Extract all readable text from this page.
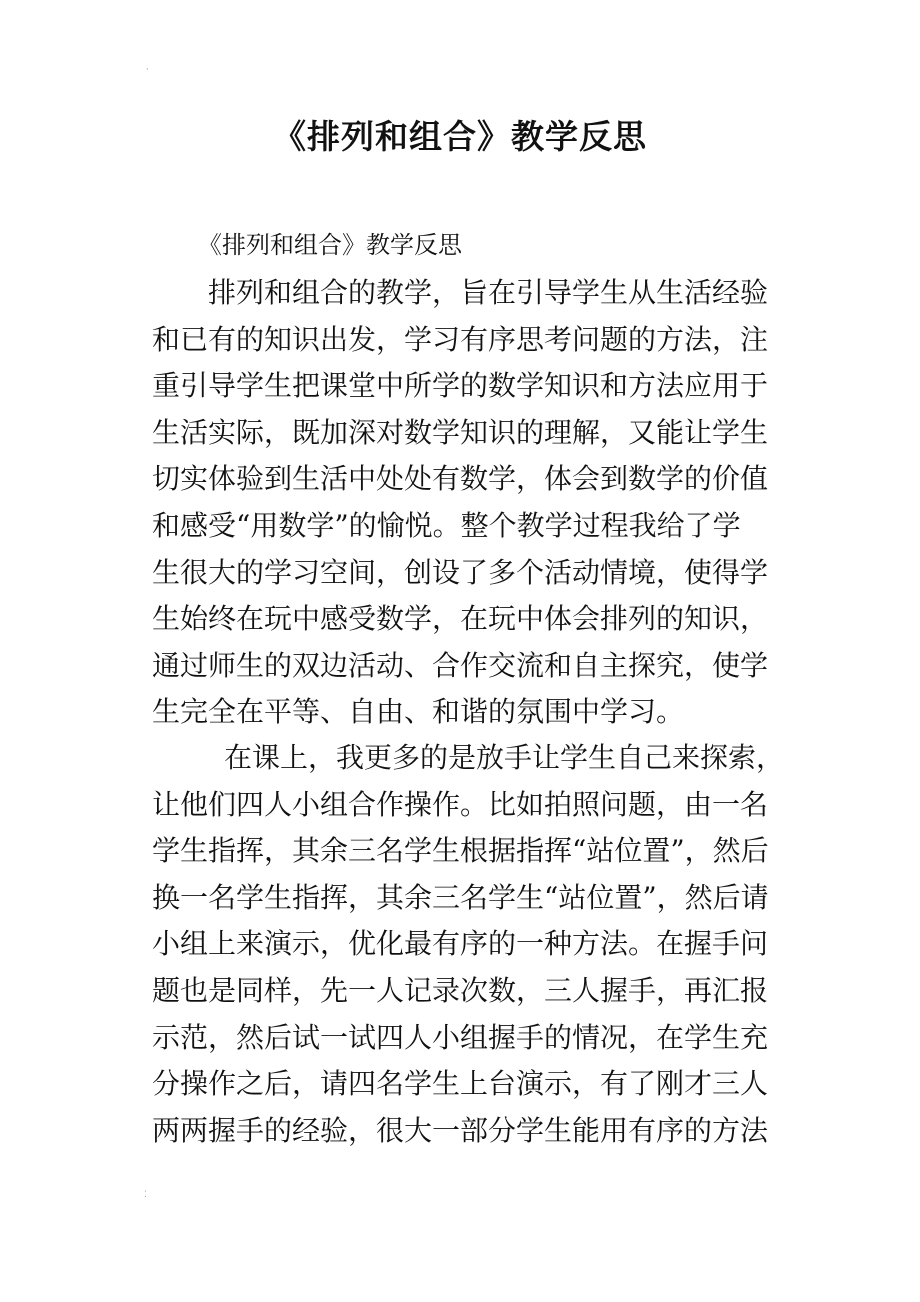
ˑ
《排列和组合》教学反思
《排列和组合》教学反思
排列和组合的教学，旨在引导学生从生活经验
和已有的知识出发，学习有序思考问题的方法，注
重引导学生把课堂中所学的数学知识和方法应用于
生活实际，既加深对数学知识的理解，又能让学生
切实体验到生活中处处有数学，体会到数学的价值
和感受“用数学”的愉悦。整个教学过程我给了学
生很大的学习空间，创设了多个活动情境，使得学
生始终在玩中感受数学，在玩中体会排列的知识，
通过师生的双边活动、合作交流和自主探究，使学
生完全在平等、自由、和谐的氛围中学习。
在课上，我更多的是放手让学生自己来探索，
让他们四人小组合作操作。比如拍照问题，由一名
学生指挥，其余三名学生根据指挥“站位置”，然后
换一名学生指挥，其余三名学生“站位置”，然后请
小组上来演示，优化最有序的一种方法。在握手问
题也是同样，先一人记录次数，三人握手，再汇报
示范，然后试一试四人小组握手的情况，在学生充
分操作之后，请四名学生上台演示，有了刚才三人
两两握手的经验，很大一部分学生能用有序的方法
⁚
